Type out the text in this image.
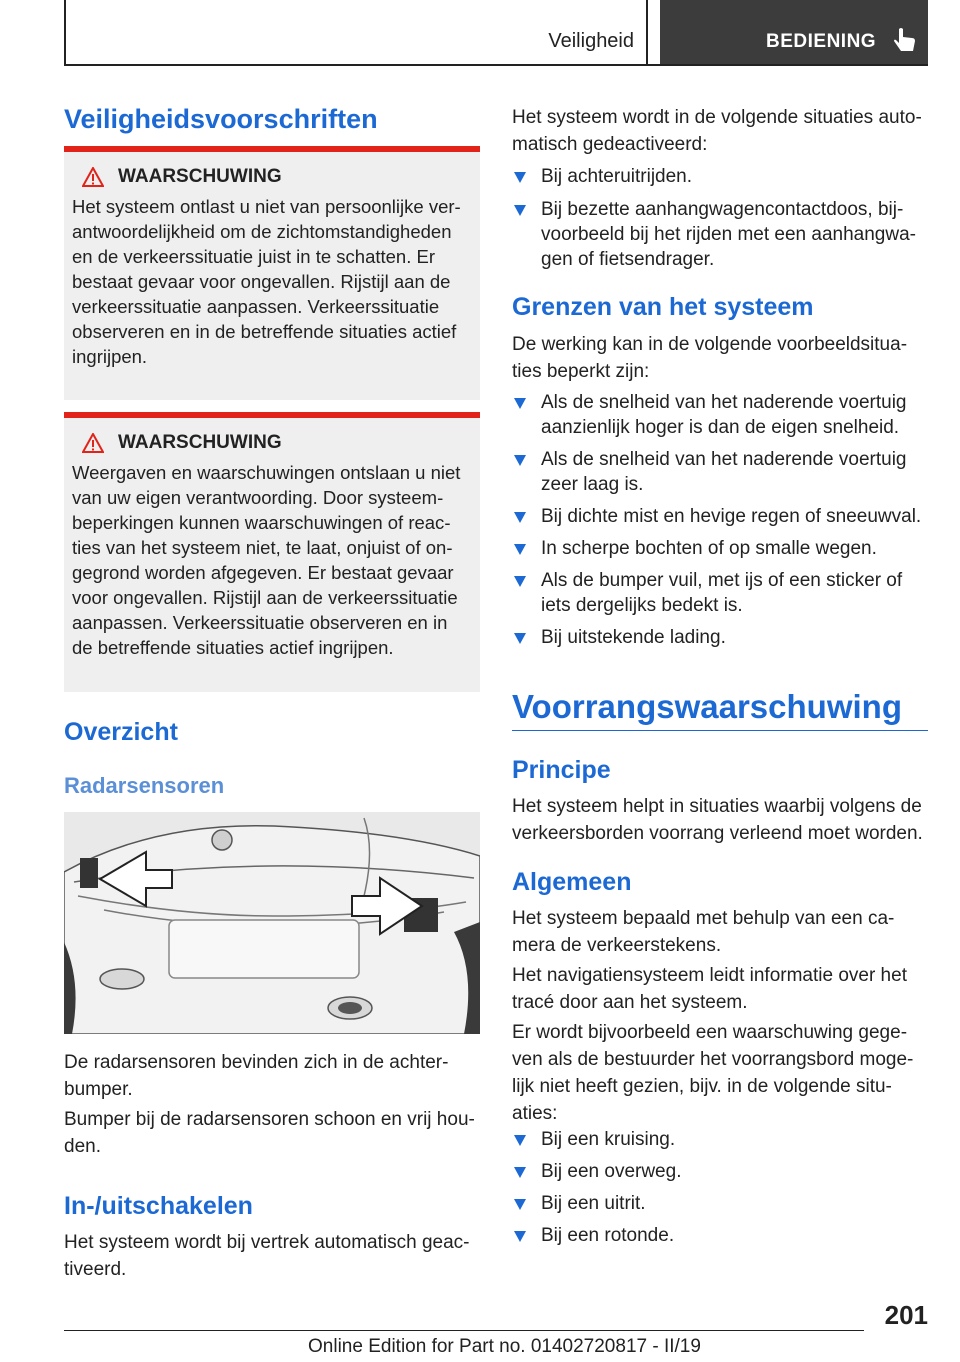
Veiligheid	BEDIENING
Veiligheidsvoorschriften
WAARSCHUWING
Het systeem ontlast u niet van persoonlijke verantwoordelijkheid om de zichtomstandigheden en de verkeerssituatie juist in te schatten. Er bestaat gevaar voor ongevallen. Rijstijl aan de verkeerssituatie aanpassen. Verkeerssituatie observeren en in de betreffende situaties actief ingrijpen.
WAARSCHUWING
Weergaven en waarschuwingen ontslaan u niet van uw eigen verantwoording. Door systeembeperkingen kunnen waarschuwingen of reacties van het systeem niet, te laat, onjuist of ongegrond worden afgegeven. Er bestaat gevaar voor ongevallen. Rijstijl aan de verkeerssituatie aanpassen. Verkeerssituatie observeren en in de betreffende situaties actief ingrijpen.
Overzicht
Radarsensoren

De radarsensoren bevinden zich in de achterbumper.

Bumper bij de radarsensoren schoon en vrij houden.

In-/uitschakelen

Het systeem wordt bij vertrek automatisch geactiveerd.

Het systeem wordt in de volgende situaties automatisch gedeactiveerd:

Bij achteruitrijden.
Bij bezette aanhangwagencontactdoos, bijvoorbeeld bij het rijden met een aanhangwagen of fietsendrager.
Grenzen van het systeem

De werking kan in de volgende voorbeeldsituaties beperkt zijn:

Als de snelheid van het naderende voertuig aanzienlijk hoger is dan de eigen snelheid.
Als de snelheid van het naderende voertuig zeer laag is.
Bij dichte mist en hevige regen of sneeuwval.
In scherpe bochten of op smalle wegen.
Als de bumper vuil, met ijs of een sticker of iets dergelijks bedekt is.
Bij uitstekende lading.
Voorrangswaarschuwing
Principe

Het systeem helpt in situaties waarbij volgens de verkeersborden voorrang verleend moet worden.

Algemeen

Het systeem bepaald met behulp van een camera de verkeerstekens.

Het navigatiensysteem leidt informatie over het tracé door aan het systeem.

Er wordt bijvoorbeeld een waarschuwing gegeven als de bestuurder het voorrangsbord mogelijk niet heeft gezien, bijv. in de volgende situaties:

Bij een kruising.
Bij een overweg.
Bij een uitrit.
Bij een rotonde.
201
Online Edition for Part no. 01402720817 - II/19
